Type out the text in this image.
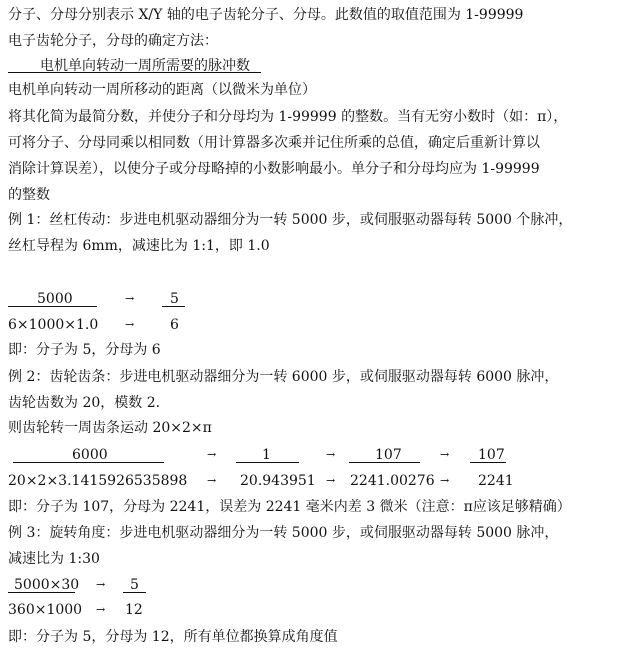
分子、分母分别表示 X/Y 轴的电子齿轮分子、分母。此数值的取值范围为 1-99999
电子齿轮分子，分母的确定方法：
电机单向转动一周所需要的脉冲数
电机单向转动一周所移动的距离（以微米为单位）
将其化简为最简分数，并使分子和分母均为 1-99999 的整数。当有无穷小数时（如：π），
可将分子、分母同乘以相同数（用计算器多次乘并记住所乘的总值，确定后重新计算以
消除计算误差），以使分子或分母略掉的小数影响最小。单分子和分母均应为 1-99999
的整数
例 1：丝杠传动：步进电机驱动器细分为一转 5000 步，或伺服驱动器每转 5000 个脉冲，
丝杠导程为 6mm，减速比为 1:1，即 1.0
5000
6×1000×1.0
→
→
5
6
即：分子为 5，分母为 6
例 2：齿轮齿条：步进电机驱动器细分为一转 6000 步，或伺服驱动器每转 6000 脉冲，
齿轮齿数为 20，模数 2.
则齿轮转一周齿条运动 20×2×π
6000
20×2×3.1415926535898
→
→
1
20.943951
→
→
107
2241.00276
→
→
107
2241
即：分子为 107，分母为 2241，误差为 2241 毫米内差 3 微米（注意：π应该足够精确）
例 3：旋转角度：步进电机驱动器细分为一转 5000 步，或伺服驱动器每转 5000 脉冲，
减速比为 1:30
5000×30
360×1000
→
→
5
12
即：分子为 5，分母为 12，所有单位都换算成角度值
